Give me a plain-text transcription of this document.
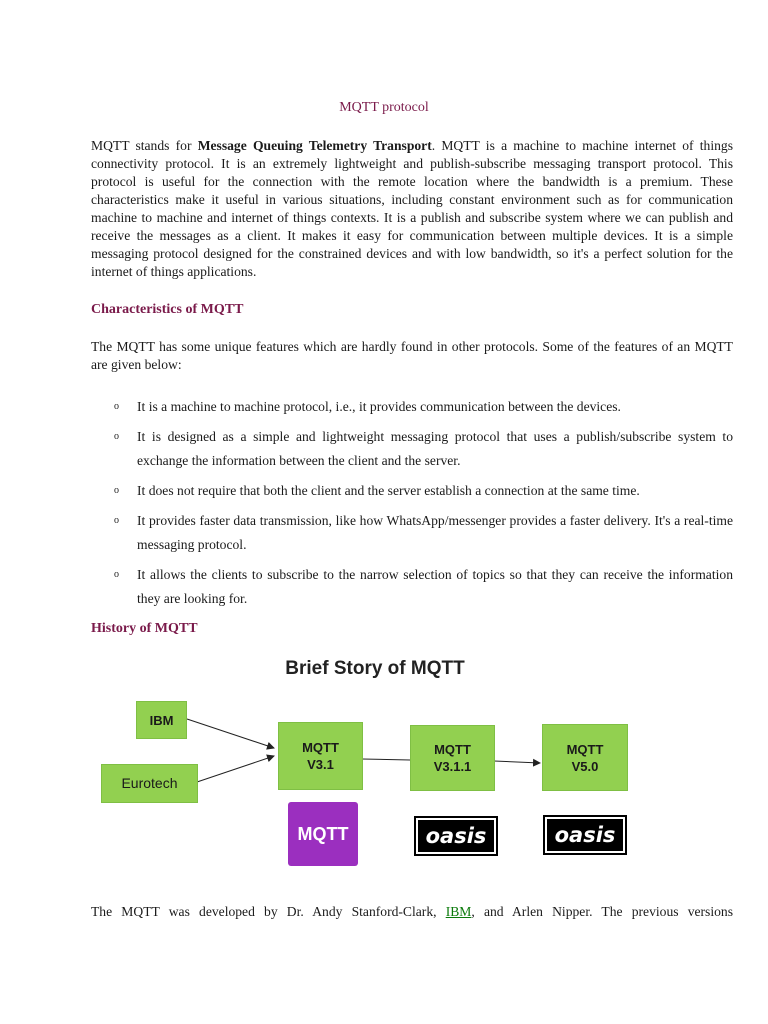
MQTT protocol

MQTT stands for Message Queuing Telemetry Transport. MQTT is a machine to machine internet of things connectivity protocol. It is an extremely lightweight and publish-subscribe messaging transport protocol. This protocol is useful for the connection with the remote location where the bandwidth is a premium. These characteristics make it useful in various situations, including constant environment such as for communication machine to machine and internet of things contexts. It is a publish and subscribe system where we can publish and receive the messages as a client. It makes it easy for communication between multiple devices. It is a simple messaging protocol designed for the constrained devices and with low bandwidth, so it's a perfect solution for the internet of things applications.

Characteristics of MQTT

The MQTT has some unique features which are hardly found in other protocols. Some of the features of an MQTT are given below:

o It is a machine to machine protocol, i.e., it provides communication between the devices.
o It is designed as a simple and lightweight messaging protocol that uses a publish/subscribe system to exchange the information between the client and the server.
o It does not require that both the client and the server establish a connection at the same time.
o It provides faster data transmission, like how WhatsApp/messenger provides a faster delivery. It's a real-time messaging protocol.
o It allows the clients to subscribe to the narrow selection of topics so that they can receive the information they are looking for.
History of MQTT
Brief Story of MQTT
IBM
Eurotech
MQTT
V3.1
MQTT
V3.1.1
MQTT
V5.0
MQTT	oasis	oasis

The MQTT was developed by Dr. Andy Stanford-Clark, IBM, and Arlen Nipper. The previous versions
